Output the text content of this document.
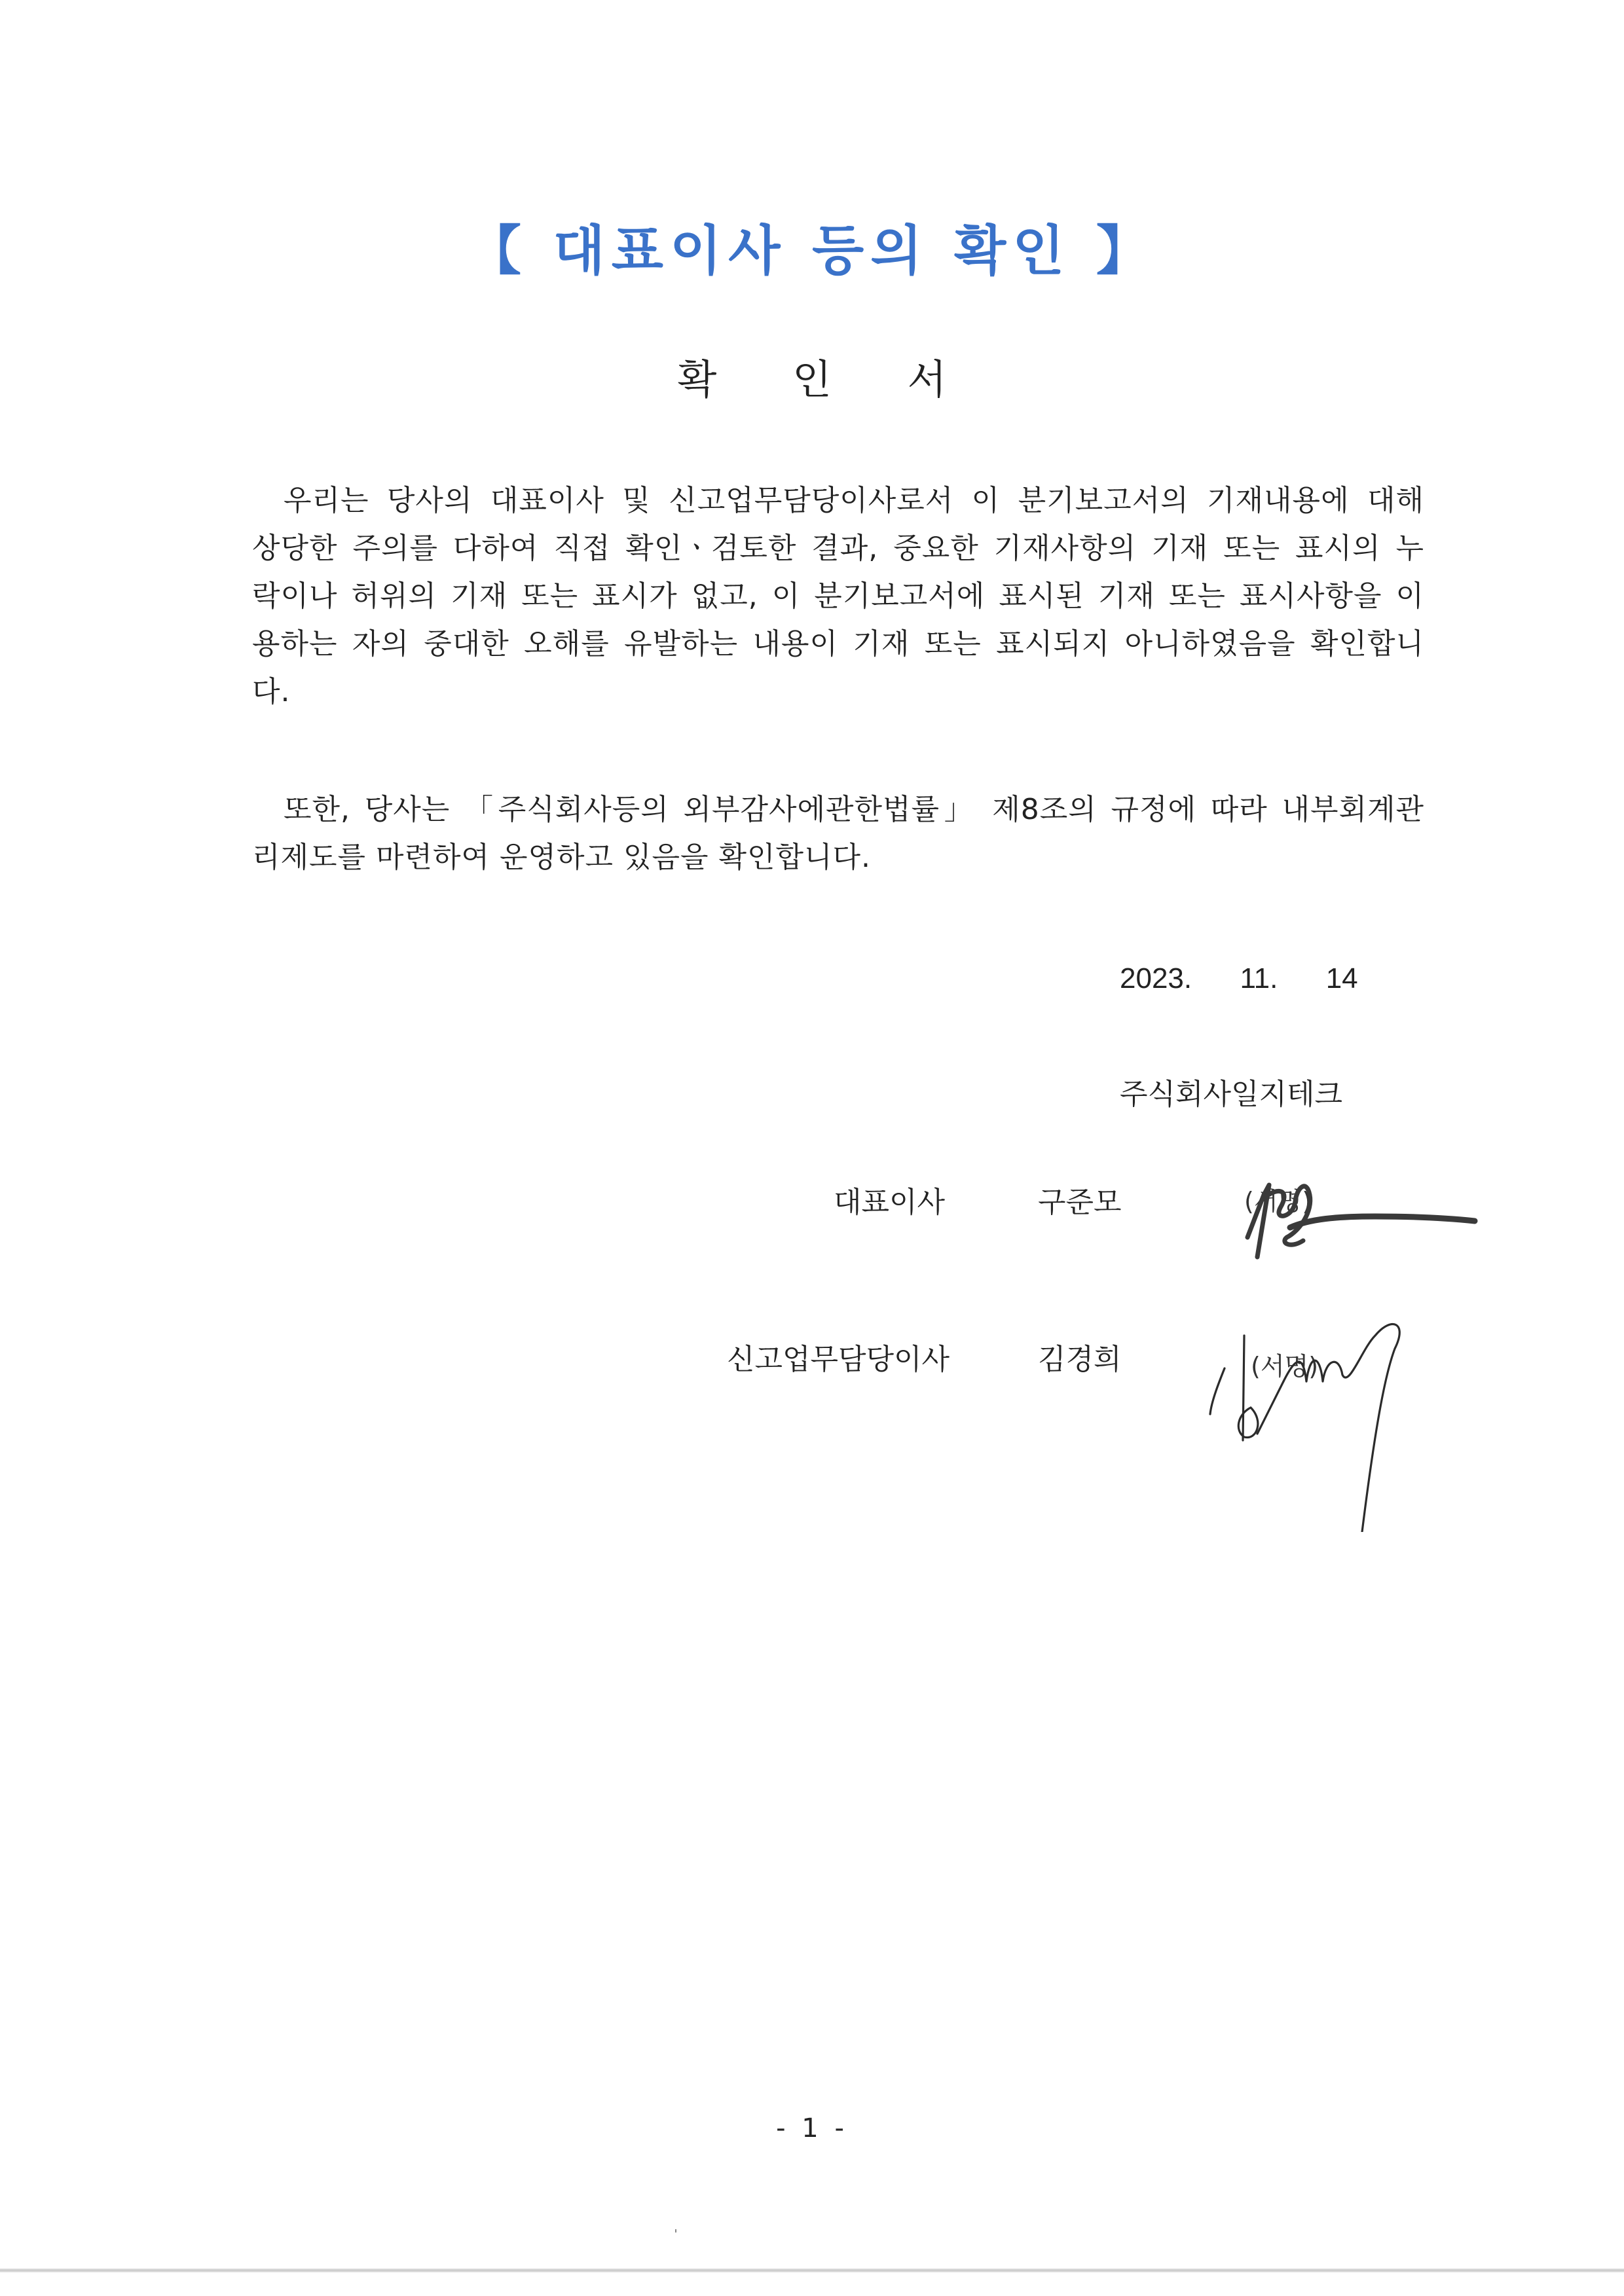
【 대표이사 등의 확인 】
확 인 서

우리는 당사의 대표이사 및 신고업무담당이사로서 이 분기보고서의 기재내용에 대해
상당한 주의를 다하여 직접 확인ㆍ검토한 결과, 중요한 기재사항의 기재 또는 표시의 누
락이나 허위의 기재 또는 표시가 없고, 이 분기보고서에 표시된 기재 또는 표시사항을 이
용하는 자의 중대한 오해를 유발하는 내용이 기재 또는 표시되지 아니하였음을 확인합니
다.

또한, 당사는 「주식회사등의 외부감사에관한법률」 제8조의 규정에 따라 내부회계관
리제도를 마련하여 운영하고 있음을 확인합니다.

2023.      11.      14
주식회사일지테크
대표이사	구준모	(서명)
신고업무담당이사	김경희	(서명)
- 1 -
